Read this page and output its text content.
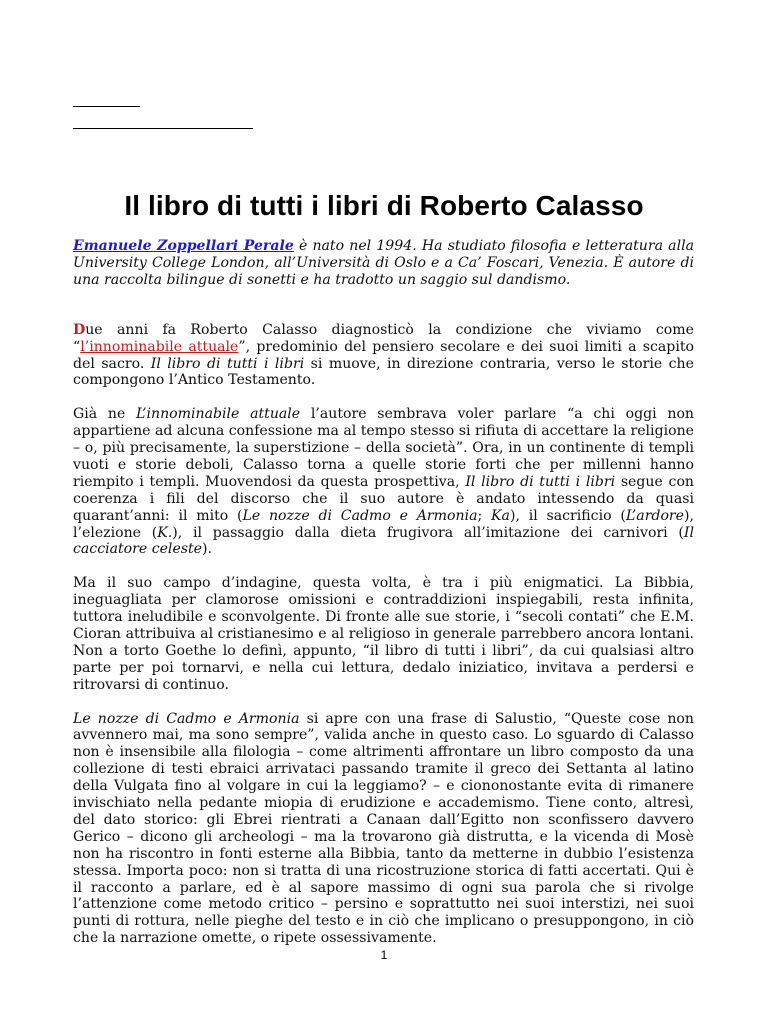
Il libro di tutti i libri di Roberto Calasso

Emanuele Zoppellari Perale è nato nel 1994. Ha studiato filosofia e letteratura alla University College London, all’Università di Oslo e a Ca’ Foscari, Venezia. È autore di una raccolta bilingue di sonetti e ha tradotto un saggio sul dandismo.

Due anni fa Roberto Calasso diagnosticò la condizione che viviamo come “l’innominabile attuale”, predominio del pensiero secolare e dei suoi limiti a scapito del sacro. Il libro di tutti i libri si muove, in direzione contraria, verso le storie che compongono l’Antico Testamento.

Già ne L’innominabile attuale l’autore sembrava voler parlare “a chi oggi non appartiene ad alcuna confessione ma al tempo stesso si rifiuta di accettare la religione – o, più precisamente, la superstizione – della società”. Ora, in un continente di templi vuoti e storie deboli, Calasso torna a quelle storie forti che per millenni hanno riempito i templi. Muovendosi da questa prospettiva, Il libro di tutti i libri segue con coerenza i fili del discorso che il suo autore è andato intessendo da quasi quarant’anni: il mito (Le nozze di Cadmo e Armonia; Ka), il sacrificio (L’ardore), l’elezione (K.), il passaggio dalla dieta frugivora all’imitazione dei carnivori (Il cacciatore celeste).

Ma il suo campo d’indagine, questa volta, è tra i più enigmatici. La Bibbia, ineguagliata per clamorose omissioni e contraddizioni inspiegabili, resta infinita, tuttora ineludibile e sconvolgente. Di fronte alle sue storie, i “secoli contati” che E.M. Cioran attribuiva al cristianesimo e al religioso in generale parrebbero ancora lontani. Non a torto Goethe lo definì, appunto, “il libro di tutti i libri”, da cui qualsiasi altro parte per poi tornarvi, e nella cui lettura, dedalo iniziatico, invitava a perdersi e ritrovarsi di continuo.

Le nozze di Cadmo e Armonia si apre con una frase di Salustio, “Queste cose non avvennero mai, ma sono sempre”, valida anche in questo caso. Lo sguardo di Calasso non è insensibile alla filologia – come altrimenti affrontare un libro composto da una collezione di testi ebraici arrivataci passando tramite il greco dei Settanta al latino della Vulgata fino al volgare in cui la leggiamo? – e ciononostante evita di rimanere invischiato nella pedante miopia di erudizione e accademismo. Tiene conto, altresì, del dato storico: gli Ebrei rientrati a Canaan dall’Egitto non sconfissero davvero Gerico – dicono gli archeologi – ma la trovarono già distrutta, e la vicenda di Mosè non ha riscontro in fonti esterne alla Bibbia, tanto da metterne in dubbio l’esistenza stessa. Importa poco: non si tratta di una ricostruzione storica di fatti accertati. Qui è il racconto a parlare, ed è al sapore massimo di ogni sua parola che si rivolge l’attenzione come metodo critico – persino e soprattutto nei suoi interstizi, nei suoi punti di rottura, nelle pieghe del testo e in ciò che implicano o presuppongono, in ciò che la narrazione omette, o ripete ossessivamente.

1
